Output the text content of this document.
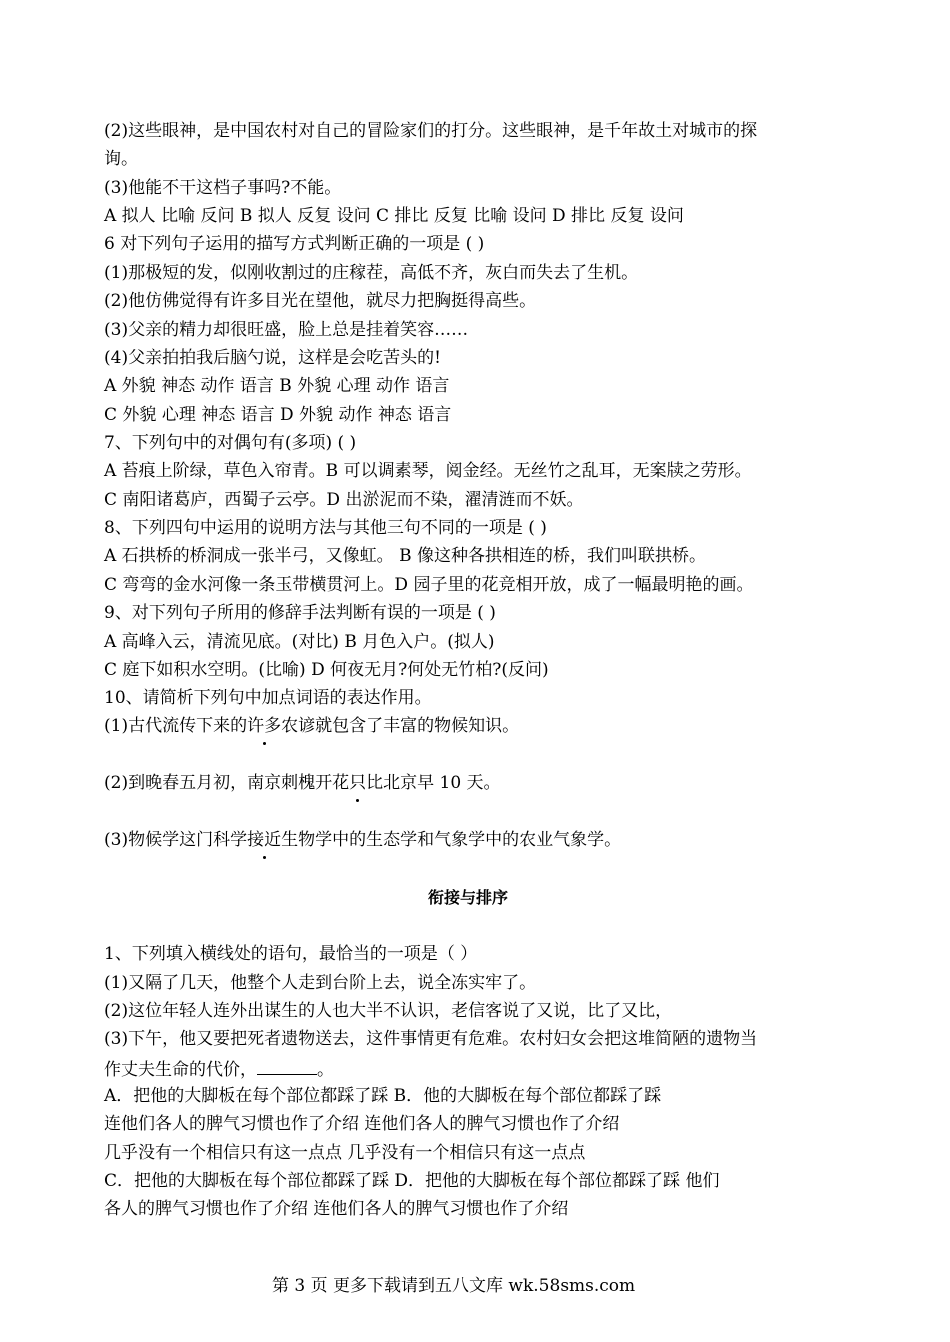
(2)这些眼神，是中国农村对自己的冒险家们的打分。这些眼神，是千年故土对城市的探
询。
(3)他能不干这档子事吗?不能。
A 拟人 比喻 反问 B 拟人 反复 设问 C 排比 反复 比喻 设问 D 排比 反复 设问
6 对下列句子运用的描写方式判断正确的一项是 ( )
(1)那极短的发，似刚收割过的庄稼茬，高低不齐，灰白而失去了生机。
(2)他仿佛觉得有许多目光在望他，就尽力把胸挺得高些。
(3)父亲的精力却很旺盛，脸上总是挂着笑容……
(4)父亲拍拍我后脑勺说，这样是会吃苦头的!
A 外貌 神态 动作 语言 B 外貌 心理 动作 语言
C 外貌 心理 神态 语言 D 外貌 动作 神态 语言
7、下列句中的对偶句有(多项) ( )
A 苔痕上阶绿，草色入帘青。B 可以调素琴，阅金经。无丝竹之乱耳，无案牍之劳形。
C 南阳诸葛庐，西蜀子云亭。D 出淤泥而不染，濯清涟而不妖。
8、下列四句中运用的说明方法与其他三句不同的一项是 ( )
A 石拱桥的桥洞成一张半弓，又像虹。 B 像这种各拱相连的桥，我们叫联拱桥。
C 弯弯的金水河像一条玉带横贯河上。D 园子里的花竞相开放，成了一幅最明艳的画。
9、对下列句子所用的修辞手法判断有误的一项是 ( )
A 高峰入云，清流见底。(对比) B 月色入户。(拟人)
C 庭下如积水空明。(比喻) D 何夜无月?何处无竹柏?(反问)
10、请简析下列句中加点词语的表达作用。
(1)古代流传下来的许多农谚就包含了丰富的物候知识。
(2)到晚春五月初，南京刺槐开花只比北京早 10 天。
(3)物候学这门科学接近生物学中的生态学和气象学中的农业气象学。
衔接与排序
1、下列填入横线处的语句，最恰当的一项是（ ）
(1)又隔了几天，他整个人走到台阶上去，说全冻实牢了。
(2)这位年轻人连外出谋生的人也大半不认识，老信客说了又说，比了又比，
(3)下午，他又要把死者遗物送去，这件事情更有危难。农村妇女会把这堆简陋的遗物当
作丈夫生命的代价，	。
A．把他的大脚板在每个部位都踩了踩 B．他的大脚板在每个部位都踩了踩
连他们各人的脾气习惯也作了介绍 连他们各人的脾气习惯也作了介绍
几乎没有一个相信只有这一点点 几乎没有一个相信只有这一点点
C．把他的大脚板在每个部位都踩了踩 D．把他的大脚板在每个部位都踩了踩 他们
各人的脾气习惯也作了介绍 连他们各人的脾气习惯也作了介绍
第 3 页 更多下载请到五八文库 wk.58sms.com
